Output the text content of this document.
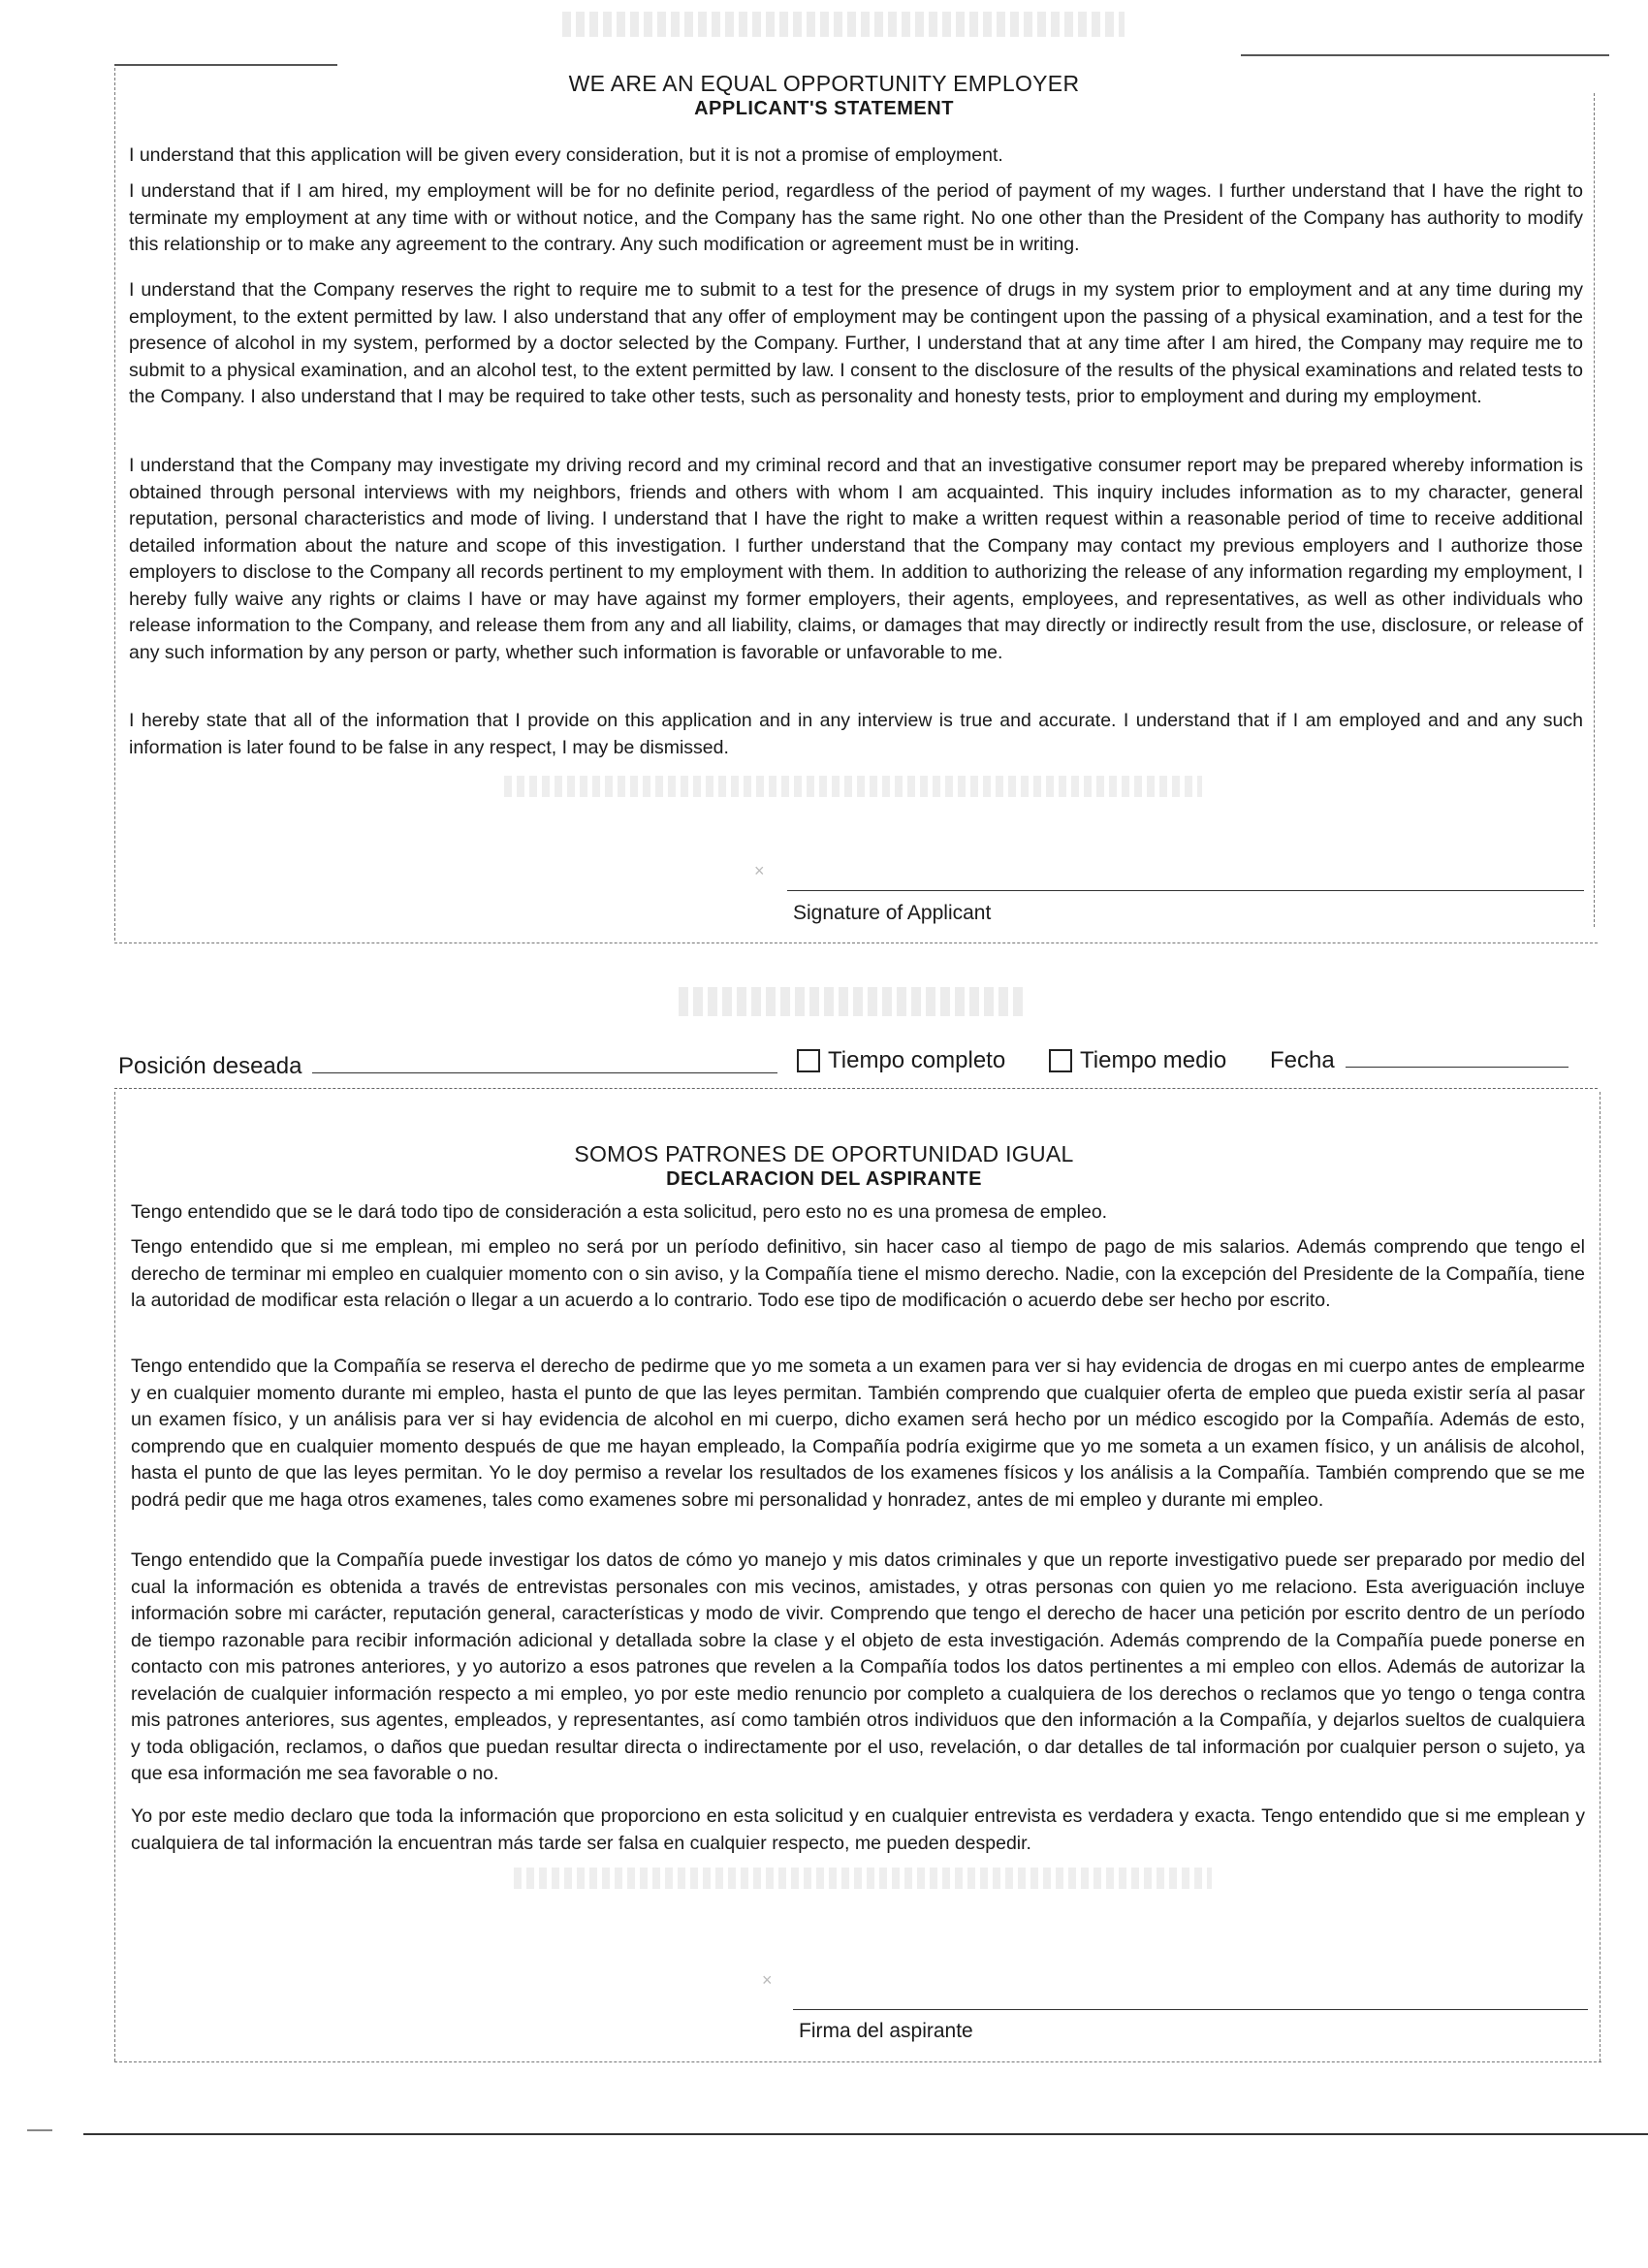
WE ARE AN EQUAL OPPORTUNITY EMPLOYER
APPLICANT'S STATEMENT

I understand that this application will be given every consideration, but it is not a promise of employment.

I understand that if I am hired, my employment will be for no definite period, regardless of the period of payment of my wages. I further understand that I have the right to terminate my employment at any time with or without notice, and the Company has the same right. No one other than the President of the Company has authority to modify this relationship or to make any agreement to the contrary. Any such modification or agreement must be in writing.

I understand that the Company reserves the right to require me to submit to a test for the presence of drugs in my system prior to employment and at any time during my employment, to the extent permitted by law. I also understand that any offer of employment may be contingent upon the passing of a physical examination, and a test for the presence of alcohol in my system, performed by a doctor selected by the Company. Further, I understand that at any time after I am hired, the Company may require me to submit to a physical examination, and an alcohol test, to the extent permitted by law. I consent to the disclosure of the results of the physical examinations and related tests to the Company. I also understand that I may be required to take other tests, such as personality and honesty tests, prior to employment and during my employment.

I understand that the Company may investigate my driving record and my criminal record and that an investigative consumer report may be prepared whereby information is obtained through personal interviews with my neighbors, friends and others with whom I am acquainted. This inquiry includes information as to my character, general reputation, personal characteristics and mode of living. I understand that I have the right to make a written request within a reasonable period of time to receive additional detailed information about the nature and scope of this investigation. I further understand that the Company may contact my previous employers and I authorize those employers to disclose to the Company all records pertinent to my employment with them. In addition to authorizing the release of any information regarding my employment, I hereby fully waive any rights or claims I have or may have against my former employers, their agents, employees, and representatives, as well as other individuals who release information to the Company, and release them from any and all liability, claims, or damages that may directly or indirectly result from the use, disclosure, or release of any such information by any person or party, whether such information is favorable or unfavorable to me.

I hereby state that all of the information that I provide on this application and in any interview is true and accurate. I understand that if I am employed and and any such information is later found to be false in any respect, I may be dismissed.

×
Signature of Applicant
Posición deseada	Tiempo completo	Tiempo medio Fecha
SOMOS PATRONES DE OPORTUNIDAD IGUAL
DECLARACION DEL ASPIRANTE

Tengo entendido que se le dará todo tipo de consideración a esta solicitud, pero esto no es una promesa de empleo.

Tengo entendido que si me emplean, mi empleo no será por un período definitivo, sin hacer caso al tiempo de pago de mis salarios. Además comprendo que tengo el derecho de terminar mi empleo en cualquier momento con o sin aviso, y la Compañía tiene el mismo derecho. Nadie, con la excepción del Presidente de la Compañía, tiene la autoridad de modificar esta relación o llegar a un acuerdo a lo contrario. Todo ese tipo de modificación o acuerdo debe ser hecho por escrito.

Tengo entendido que la Compañía se reserva el derecho de pedirme que yo me someta a un examen para ver si hay evidencia de drogas en mi cuerpo antes de emplearme y en cualquier momento durante mi empleo, hasta el punto de que las leyes permitan. También comprendo que cualquier oferta de empleo que pueda existir sería al pasar un examen físico, y un análisis para ver si hay evidencia de alcohol en mi cuerpo, dicho examen será hecho por un médico escogido por la Compañía. Además de esto, comprendo que en cualquier momento después de que me hayan empleado, la Compañía podría exigirme que yo me someta a un examen físico, y un análisis de alcohol, hasta el punto de que las leyes permitan. Yo le doy permiso a revelar los resultados de los examenes físicos y los análisis a la Compañía. También comprendo que se me podrá pedir que me haga otros examenes, tales como examenes sobre mi personalidad y honradez, antes de mi empleo y durante mi empleo.

Tengo entendido que la Compañía puede investigar los datos de cómo yo manejo y mis datos criminales y que un reporte investigativo puede ser preparado por medio del cual la información es obtenida a través de entrevistas personales con mis vecinos, amistades, y otras personas con quien yo me relaciono. Esta averiguación incluye información sobre mi carácter, reputación general, características y modo de vivir. Comprendo que tengo el derecho de hacer una petición por escrito dentro de un período de tiempo razonable para recibir información adicional y detallada sobre la clase y el objeto de esta investigación. Además comprendo de la Compañía puede ponerse en contacto con mis patrones anteriores, y yo autorizo a esos patrones que revelen a la Compañía todos los datos pertinentes a mi empleo con ellos. Además de autorizar la revelación de cualquier información respecto a mi empleo, yo por este medio renuncio por completo a cualquiera de los derechos o reclamos que yo tengo o tenga contra mis patrones anteriores, sus agentes, empleados, y representantes, así como también otros individuos que den información a la Compañía, y dejarlos sueltos de cualquiera y toda obligación, reclamos, o daños que puedan resultar directa o indirectamente por el uso, revelación, o dar detalles de tal información por cualquier person o sujeto, ya que esa información me sea favorable o no.

Yo por este medio declaro que toda la información que proporciono en esta solicitud y en cualquier entrevista es verdadera y exacta. Tengo entendido que si me emplean y cualquiera de tal información la encuentran más tarde ser falsa en cualquier respecto, me pueden despedir.

×
Firma del aspirante
